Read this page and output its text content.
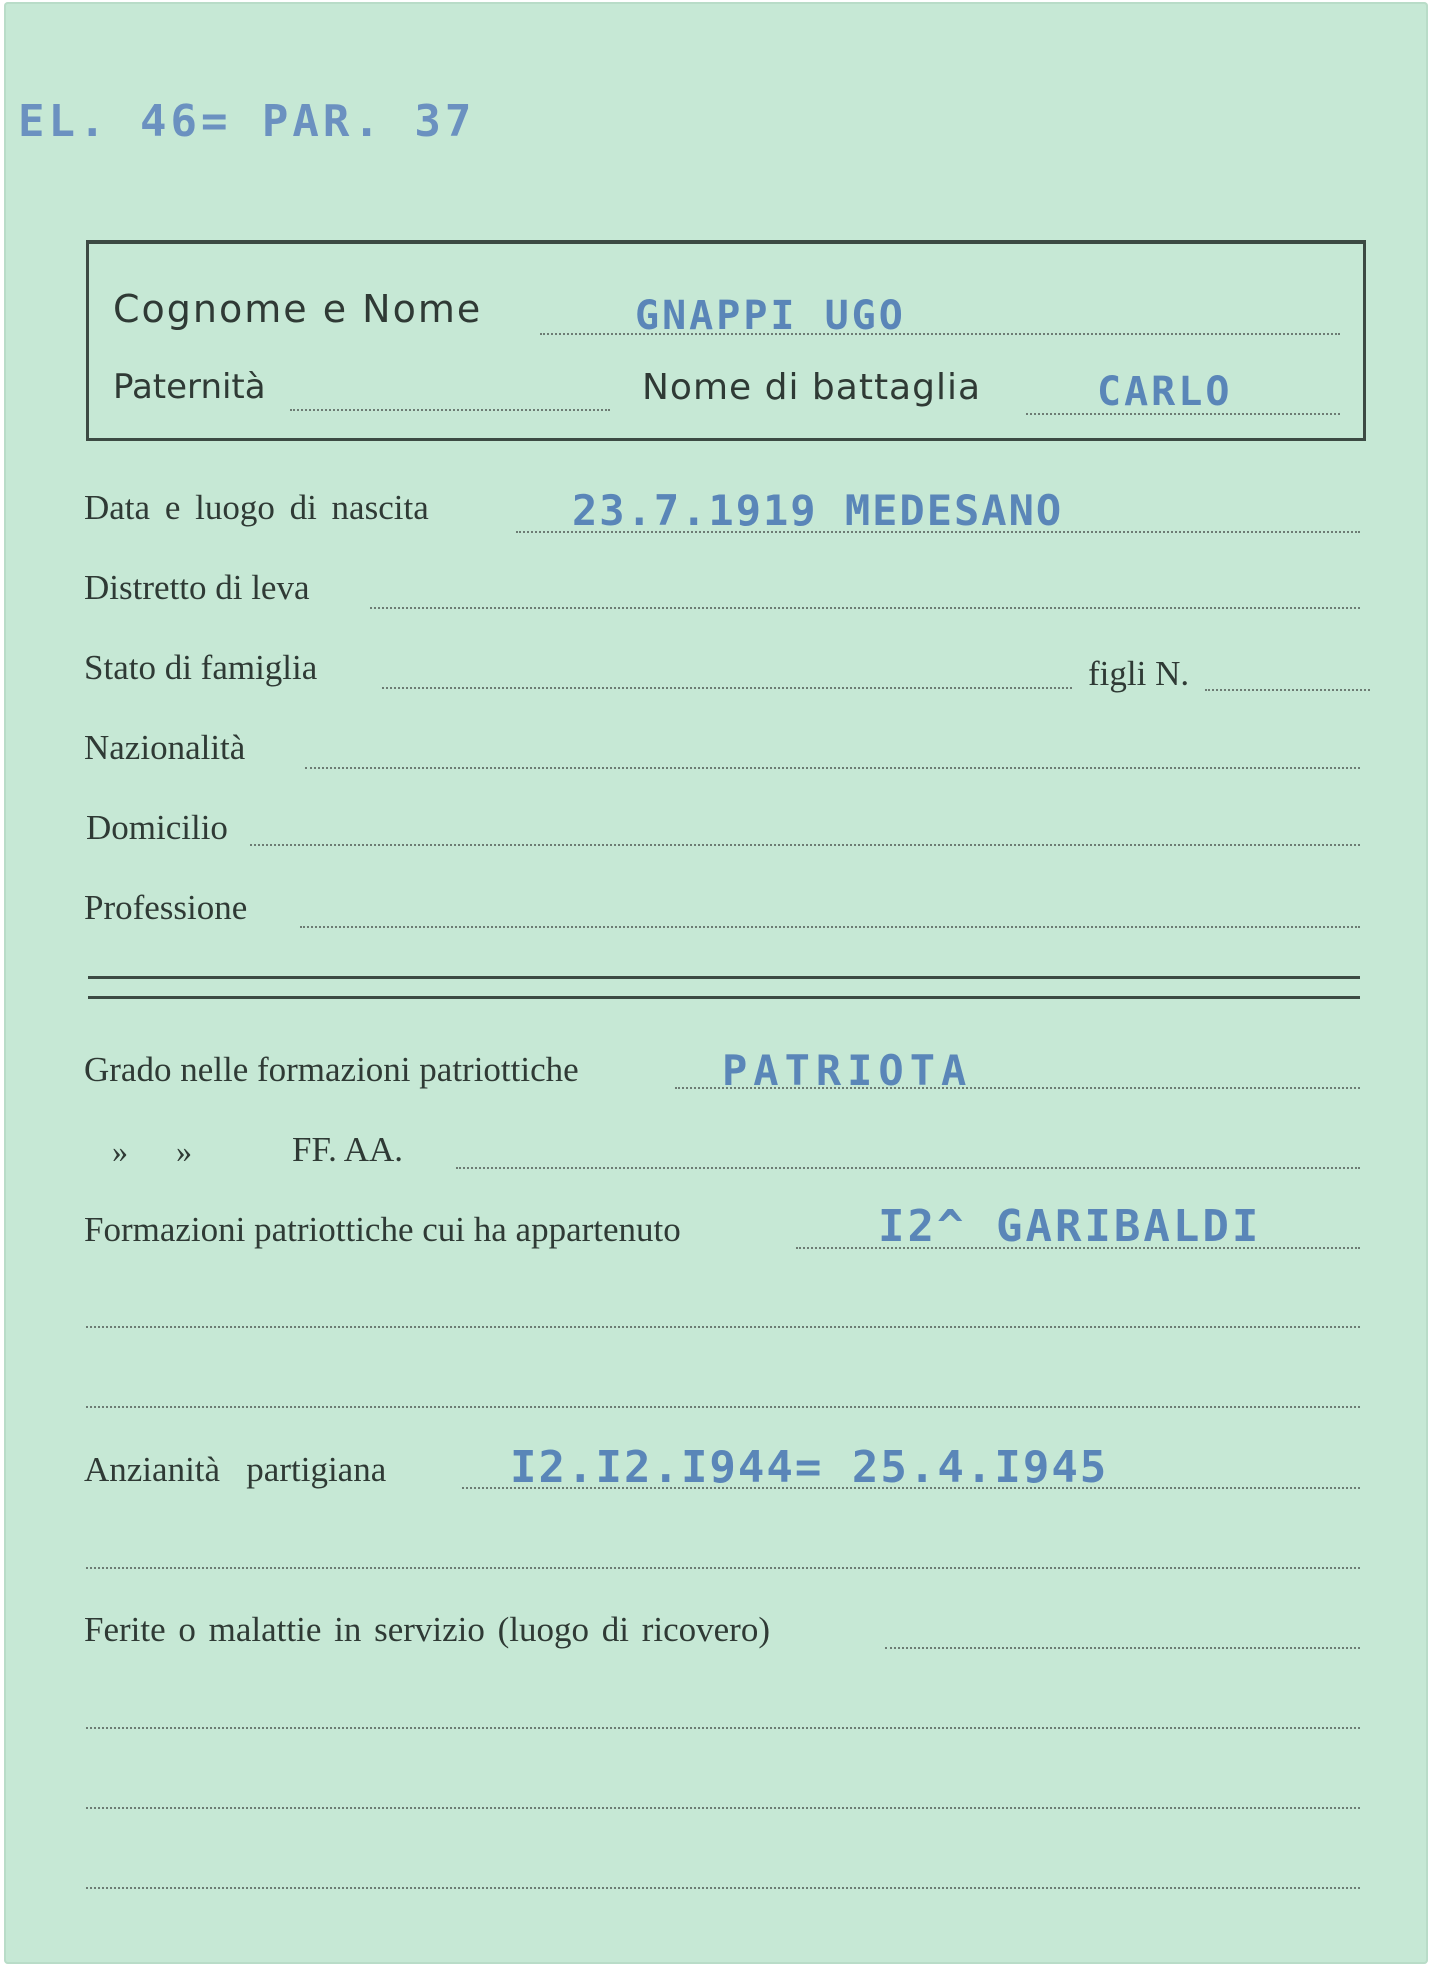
EL. 46= PAR. 37
Cognome e Nome	GNAPPI UGO
Paternità	Nome di battaglia	CARLO
Data e luogo di nascita	23.7.1919 MEDESANO
Distretto di leva
Stato di famiglia	figli N.
Nazionalità
Domicilio
Professione
Grado nelle formazioni patriottiche	PATRIOTA
»      »	FF. AA.
Formazioni patriottiche cui ha appartenuto	I2^ GARIBALDI
Anzianità   partigiana	I2.I2.I944= 25.4.I945
Ferite o malattie in servizio (luogo di ricovero)
